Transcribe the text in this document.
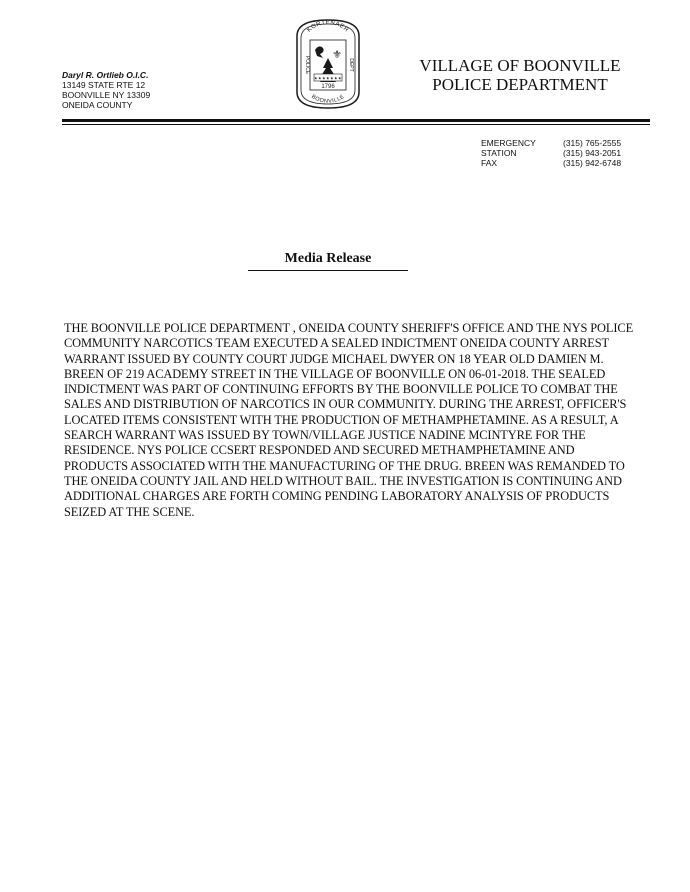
Daryl R. Ortlieb O.I.C.
13149 STATE RTE 12
BOONVILLE NY 13309
ONEIDA COUNTY
KORTENAER
BOONVILLE
POLICE	DEPT
⚜
★★★★★★★
1796
VILLAGE OF BOONVILLE
POLICE DEPARTMENT
EMERGENCY	(315) 765-2555
STATION	(315) 943-2051
FAX	(315) 942-6748
Media Release

THE BOONVILLE POLICE DEPARTMENT , ONEIDA COUNTY SHERIFF'S OFFICE AND THE NYS POLICE COMMUNITY NARCOTICS TEAM EXECUTED A SEALED INDICTMENT ONEIDA COUNTY ARREST WARRANT ISSUED BY COUNTY COURT JUDGE MICHAEL DWYER ON 18 YEAR OLD DAMIEN M. BREEN OF 219 ACADEMY STREET IN THE VILLAGE OF BOONVILLE ON 06-01-2018. THE SEALED INDICTMENT WAS PART OF CONTINUING EFFORTS BY THE BOONVILLE POLICE TO COMBAT THE SALES AND DISTRIBUTION OF NARCOTICS IN OUR COMMUNITY. DURING THE ARREST, OFFICER'S LOCATED ITEMS CONSISTENT WITH THE PRODUCTION OF METHAMPHETAMINE. AS A RESULT, A SEARCH WARRANT WAS ISSUED BY TOWN/VILLAGE JUSTICE NADINE MCINTYRE FOR THE RESIDENCE. NYS POLICE CCSERT RESPONDED AND SECURED METHAMPHETAMINE AND PRODUCTS ASSOCIATED WITH THE MANUFACTURING OF THE DRUG. BREEN WAS REMANDED TO THE ONEIDA COUNTY JAIL AND HELD WITHOUT BAIL. THE INVESTIGATION IS CONTINUING AND ADDITIONAL CHARGES ARE FORTH COMING PENDING LABORATORY ANALYSIS OF PRODUCTS SEIZED AT THE SCENE.
